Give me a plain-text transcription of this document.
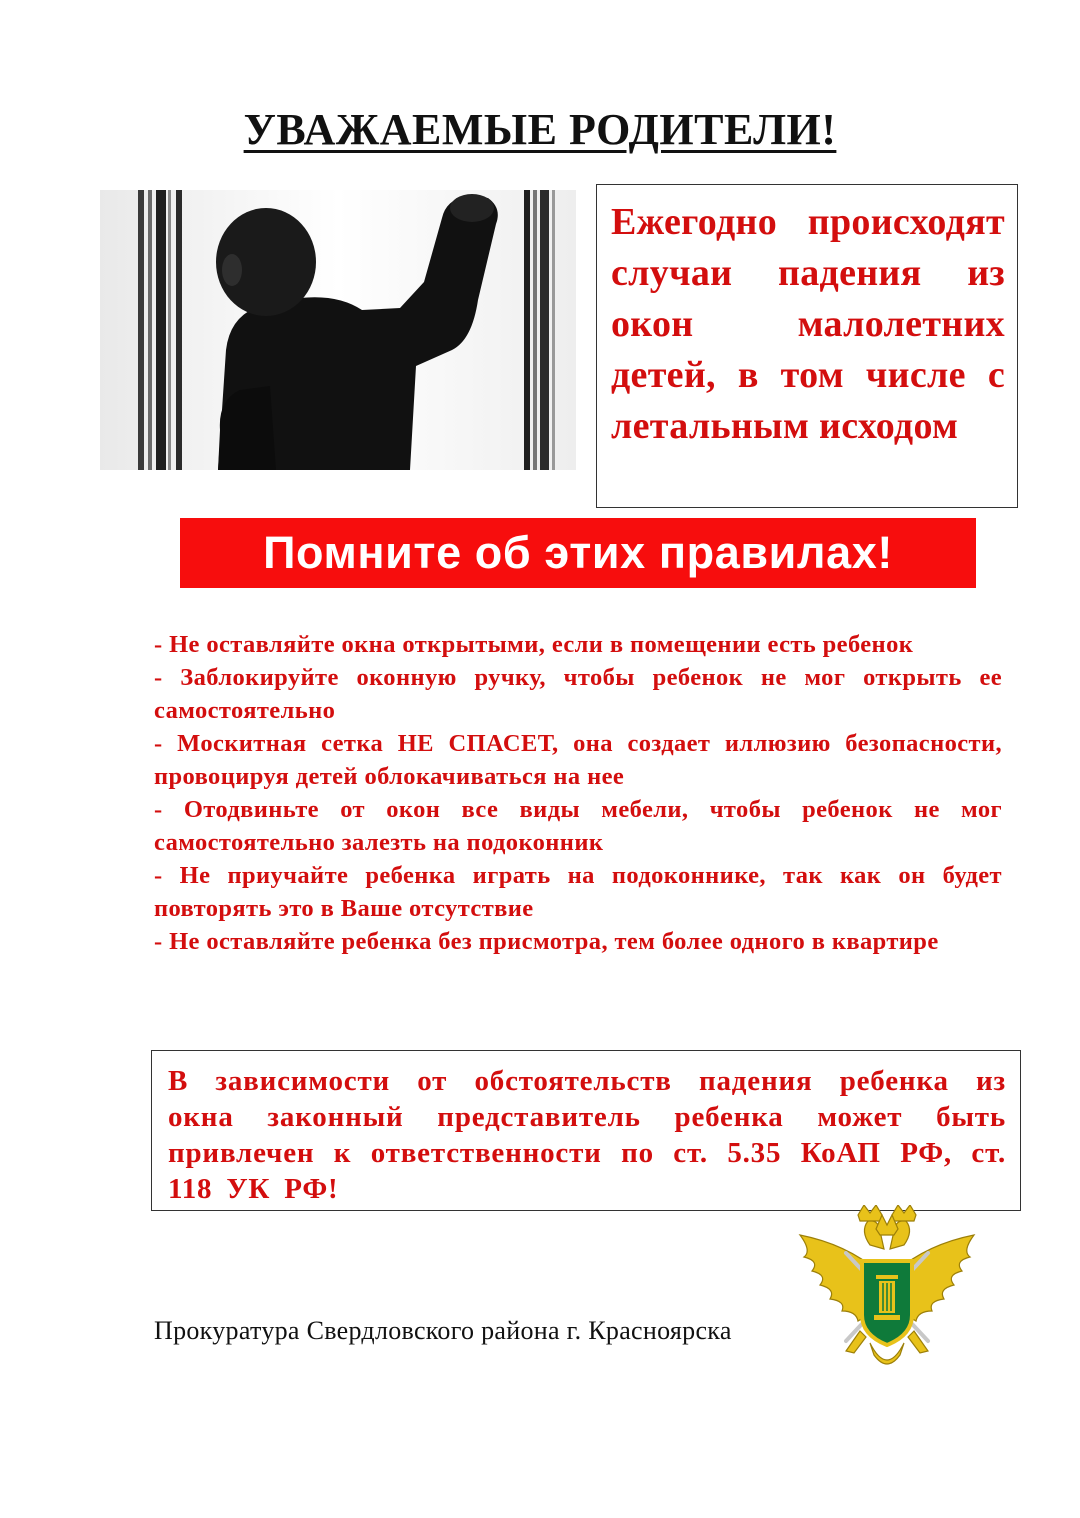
УВАЖАЕМЫЕ РОДИТЕЛИ!

Ежегодно происходят случаи падения из окон малолетних детей, в том числе с летальным исходом

Помните об этих правилах!
- Не оставляйте окна открытыми, если в помещении есть ребенок
- Заблокируйте оконную ручку, чтобы ребенок не мог открыть ее самостоятельно
- Москитная сетка НЕ СПАСЕТ, она создает иллюзию безопасности, провоцируя детей облокачиваться на нее
- Отодвиньте от окон все виды мебели, чтобы ребенок не мог самостоятельно залезть на подоконник
- Не приучайте ребенка играть на подоконнике, так как он будет повторять это в Ваше отсутствие
- Не оставляйте ребенка без присмотра, тем более одного в квартире

В зависимости от обстоятельств падения ребенка из окна законный представитель ребенка может быть привлечен к ответственности по ст. 5.35 КоАП РФ, ст. 118 УК РФ!

Прокуратура Свердловского района г. Красноярска
